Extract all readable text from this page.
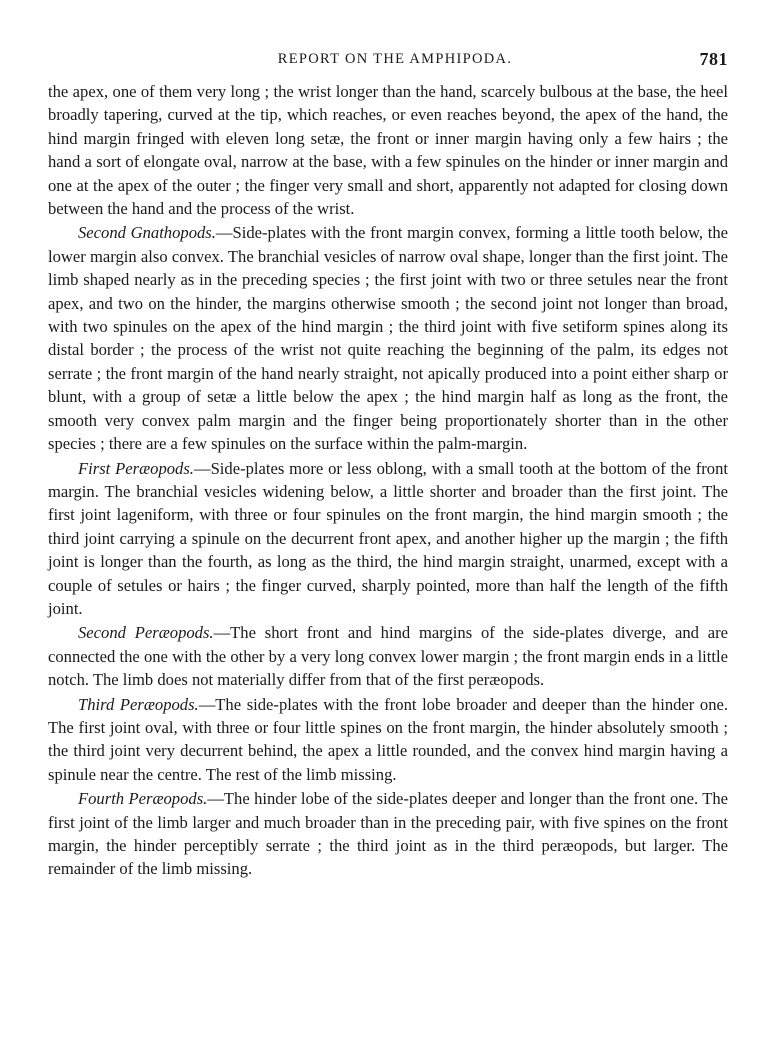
REPORT ON THE AMPHIPODA.	781

the apex, one of them very long ; the wrist longer than the hand, scarcely bulbous at the base, the heel broadly tapering, curved at the tip, which reaches, or even reaches beyond, the apex of the hand, the hind margin fringed with eleven long setæ, the front or inner margin having only a few hairs ; the hand a sort of elongate oval, narrow at the base, with a few spinules on the hinder or inner margin and one at the apex of the outer ; the finger very small and short, apparently not adapted for closing down between the hand and the process of the wrist.

Second Gnathopods.—Side-plates with the front margin convex, forming a little tooth below, the lower margin also convex. The branchial vesicles of narrow oval shape, longer than the first joint. The limb shaped nearly as in the preceding species ; the first joint with two or three setules near the front apex, and two on the hinder, the margins otherwise smooth ; the second joint not longer than broad, with two spinules on the apex of the hind margin ; the third joint with five setiform spines along its distal border ; the process of the wrist not quite reaching the beginning of the palm, its edges not serrate ; the front margin of the hand nearly straight, not apically produced into a point either sharp or blunt, with a group of setæ a little below the apex ; the hind margin half as long as the front, the smooth very convex palm margin and the finger being proportionately shorter than in the other species ; there are a few spinules on the surface within the palm-margin.

First Peræopods.—Side-plates more or less oblong, with a small tooth at the bottom of the front margin. The branchial vesicles widening below, a little shorter and broader than the first joint. The first joint lageniform, with three or four spinules on the front margin, the hind margin smooth ; the third joint carrying a spinule on the decurrent front apex, and another higher up the margin ; the fifth joint is longer than the fourth, as long as the third, the hind margin straight, unarmed, except with a couple of setules or hairs ; the finger curved, sharply pointed, more than half the length of the fifth joint.

Second Peræopods.—The short front and hind margins of the side-plates diverge, and are connected the one with the other by a very long convex lower margin ; the front margin ends in a little notch. The limb does not materially differ from that of the first peræopods.

Third Peræopods.—The side-plates with the front lobe broader and deeper than the hinder one. The first joint oval, with three or four little spines on the front margin, the hinder absolutely smooth ; the third joint very decurrent behind, the apex a little rounded, and the convex hind margin having a spinule near the centre. The rest of the limb missing.

Fourth Peræopods.—The hinder lobe of the side-plates deeper and longer than the front one. The first joint of the limb larger and much broader than in the preceding pair, with five spines on the front margin, the hinder perceptibly serrate ; the third joint as in the third peræopods, but larger. The remainder of the limb missing.
